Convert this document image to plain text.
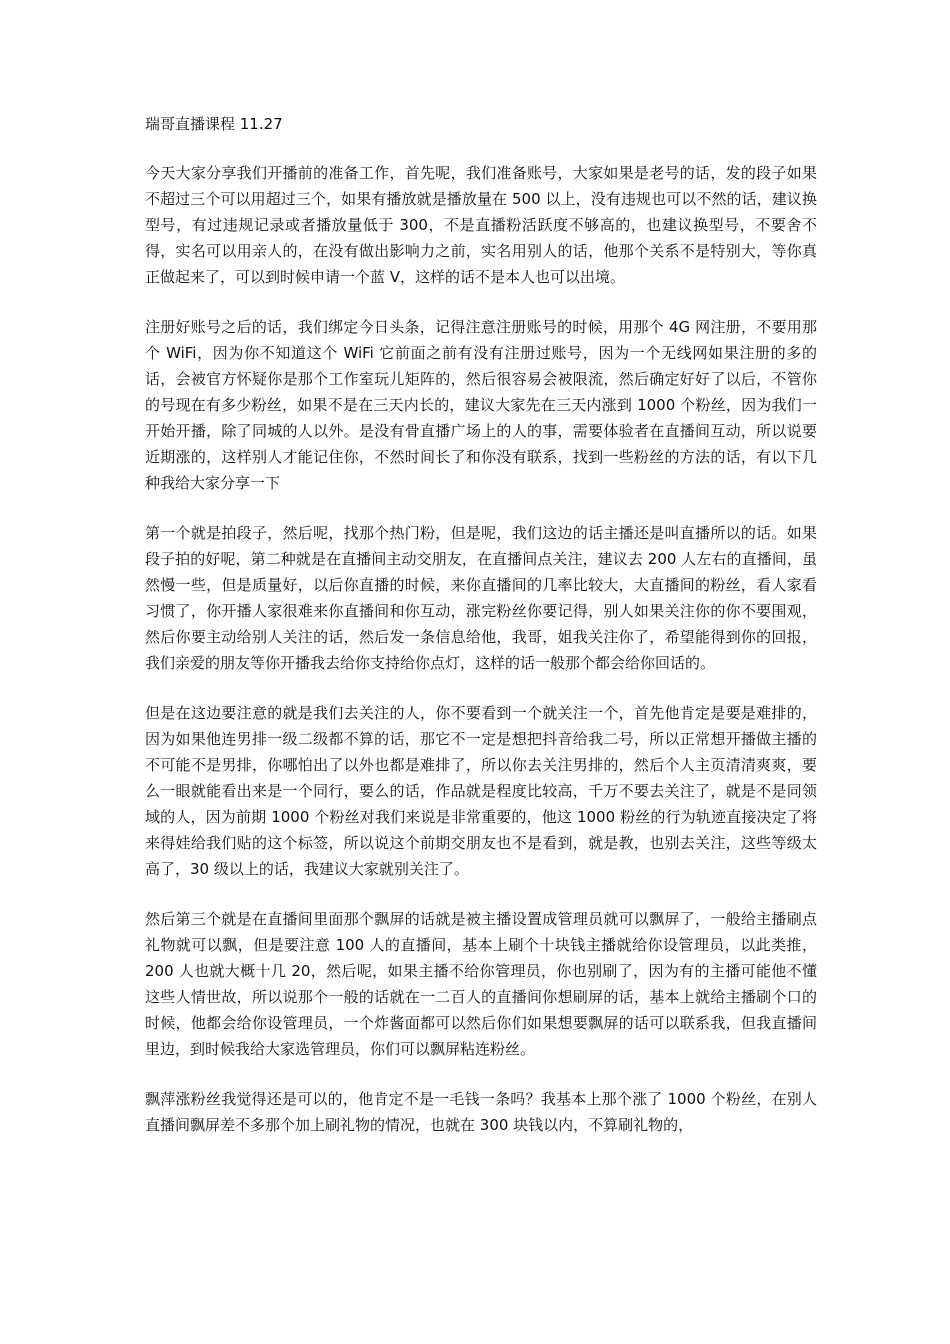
瑞哥直播课程 11.27

今天大家分享我们开播前的准备工作，首先呢，我们准备账号，大家如果是老号的话，发的段子如果不超过三个可以用超过三个，如果有播放就是播放量在 500 以上，没有违规也可以不然的话，建议换型号，有过违规记录或者播放量低于 300，不是直播粉活跃度不够高的，也建议换型号，不要舍不得，实名可以用亲人的，在没有做出影响力之前，实名用别人的话，他那个关系不是特别大，等你真正做起来了，可以到时候申请一个蓝 V，这样的话不是本人也可以出境。

注册好账号之后的话，我们绑定今日头条，记得注意注册账号的时候，用那个 4G 网注册，不要用那个 WiFi，因为你不知道这个 WiFi 它前面之前有没有注册过账号，因为一个无线网如果注册的多的话，会被官方怀疑你是那个工作室玩儿矩阵的，然后很容易会被限流，然后确定好好了以后，不管你的号现在有多少粉丝，如果不是在三天内长的，建议大家先在三天内涨到 1000 个粉丝，因为我们一开始开播，除了同城的人以外。是没有骨直播广场上的人的事，需要体验者在直播间互动，所以说要近期涨的，这样别人才能记住你，不然时间长了和你没有联系，找到一些粉丝的方法的话，有以下几种我给大家分享一下

第一个就是拍段子，然后呢，找那个热门粉，但是呢，我们这边的话主播还是叫直播所以的话。如果段子拍的好呢，第二种就是在直播间主动交朋友，在直播间点关注，建议去 200 人左右的直播间，虽然慢一些，但是质量好，以后你直播的时候，来你直播间的几率比较大，大直播间的粉丝，看人家看习惯了，你开播人家很难来你直播间和你互动，涨完粉丝你要记得，别人如果关注你的你不要围观，然后你要主动给别人关注的话，然后发一条信息给他，我哥，姐我关注你了，希望能得到你的回报，我们亲爱的朋友等你开播我去给你支持给你点灯，这样的话一般那个都会给你回话的。

但是在这边要注意的就是我们去关注的人，你不要看到一个就关注一个，首先他肯定是要是难排的，因为如果他连男排一级二级都不算的话，那它不一定是想把抖音给我二号，所以正常想开播做主播的不可能不是男排，你哪怕出了以外也都是难排了，所以你去关注男排的，然后个人主页清清爽爽，要么一眼就能看出来是一个同行，要么的话，作品就是程度比较高，千万不要去关注了，就是不是同领域的人，因为前期 1000 个粉丝对我们来说是非常重要的，他这 1000 粉丝的行为轨迹直接决定了将来得娃给我们贴的这个标签，所以说这个前期交朋友也不是看到，就是教，也别去关注，这些等级太高了，30 级以上的话，我建议大家就别关注了。

然后第三个就是在直播间里面那个飘屏的话就是被主播设置成管理员就可以飘屏了，一般给主播刷点礼物就可以飘，但是要注意 100 人的直播间，基本上刷个十块钱主播就给你设管理员，以此类推，200 人也就大概十几 20，然后呢，如果主播不给你管理员，你也别刷了，因为有的主播可能他不懂这些人情世故，所以说那个一般的话就在一二百人的直播间你想刷屏的话，基本上就给主播刷个口的时候，他都会给你设管理员，一个炸酱面都可以然后你们如果想要飘屏的话可以联系我，但我直播间里边，到时候我给大家选管理员，你们可以飘屏粘连粉丝。

飘萍涨粉丝我觉得还是可以的，他肯定不是一毛钱一条吗？我基本上那个涨了 1000 个粉丝，在别人直播间飘屏差不多那个加上刷礼物的情况，也就在 300 块钱以内，不算刷礼物的，
